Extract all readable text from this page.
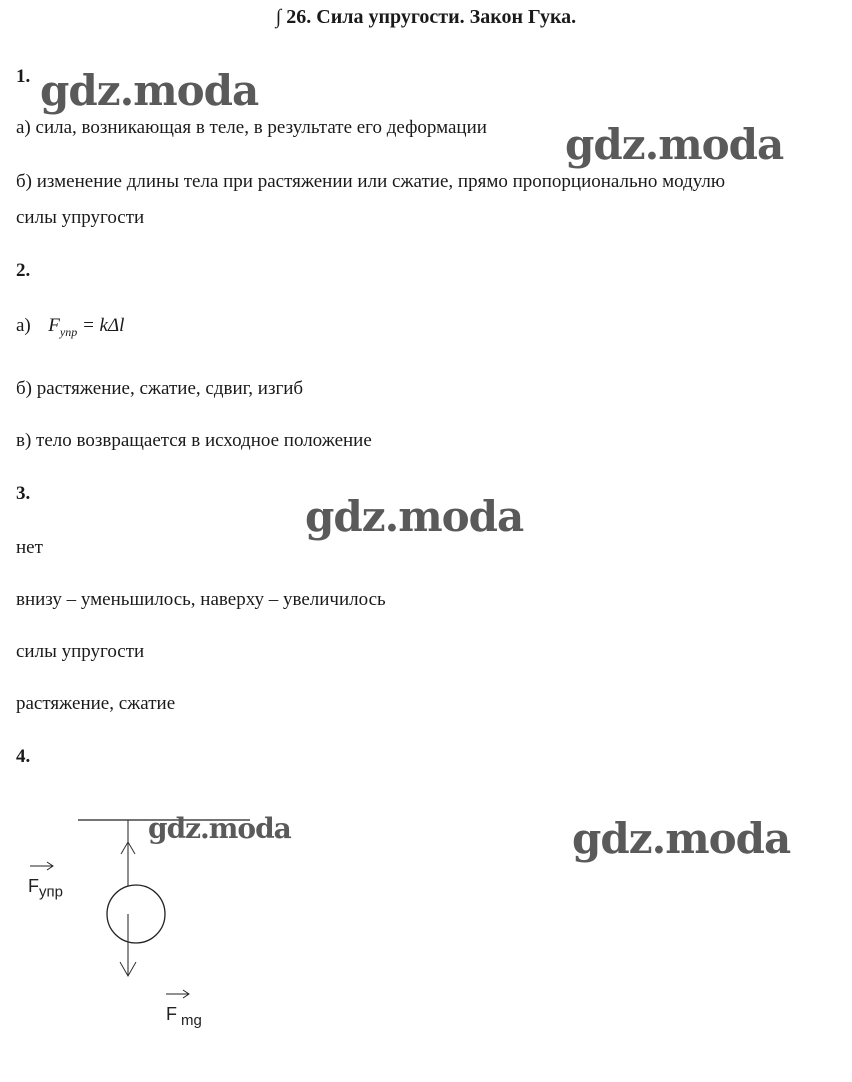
∫ 26. Сила упругости. Закон Гука.
1.
а) сила, возникающая в теле, в результате его деформации
б) изменение длины тела при растяжении или сжатие, прямо пропорционально модулю
силы упругости
2.
а) $F_{упр} = k\Delta l$
б) растяжение, сжатие, сдвиг, изгиб
в) тело возвращается в исходное положение
3.
нет
внизу – уменьшилось, наверху – увеличилось
силы упругости
растяжение, сжатие
4.
$F_{упр}$
F $_{mg}$
gdz.moda
gdz.moda
gdz.moda
gdz.moda	gdz.moda
